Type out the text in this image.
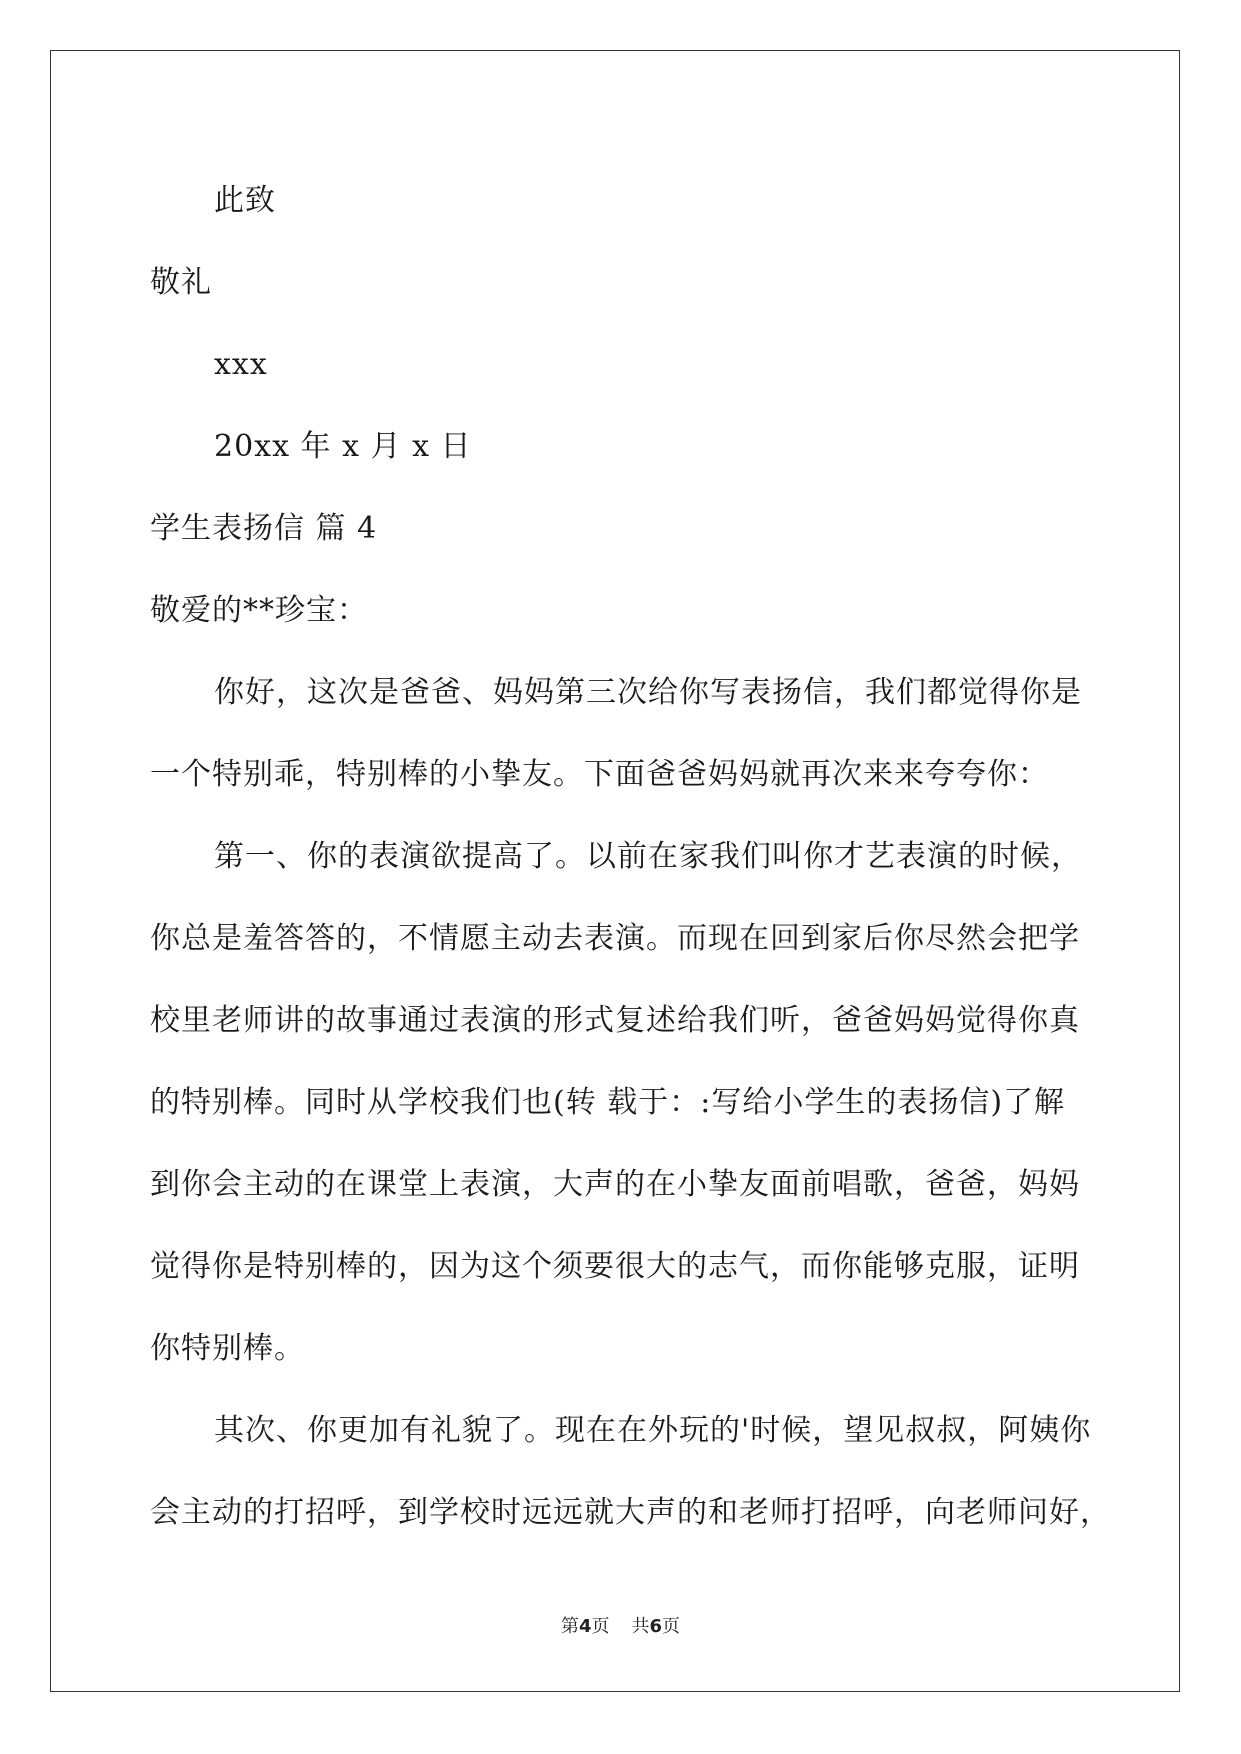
此致
敬礼
xxx
20xx 年 x 月 x 日
学生表扬信 篇 4
敬爱的**珍宝：
你好，这次是爸爸、妈妈第三次给你写表扬信，我们都觉得你是
一个特别乖，特别棒的小挚友。下面爸爸妈妈就再次来来夸夸你：
第一、你的表演欲提高了。以前在家我们叫你才艺表演的时候，
你总是羞答答的，不情愿主动去表演。而现在回到家后你尽然会把学
校里老师讲的故事通过表演的形式复述给我们听，爸爸妈妈觉得你真
的特别棒。同时从学校我们也(转 载于：:写给小学生的表扬信)了解
到你会主动的在课堂上表演，大声的在小挚友面前唱歌，爸爸，妈妈
觉得你是特别棒的，因为这个须要很大的志气，而你能够克服，证明
你特别棒。
其次、你更加有礼貌了。现在在外玩的'时候，望见叔叔，阿姨你
会主动的打招呼，到学校时远远就大声的和老师打招呼，向老师问好，
第4页 共6页
